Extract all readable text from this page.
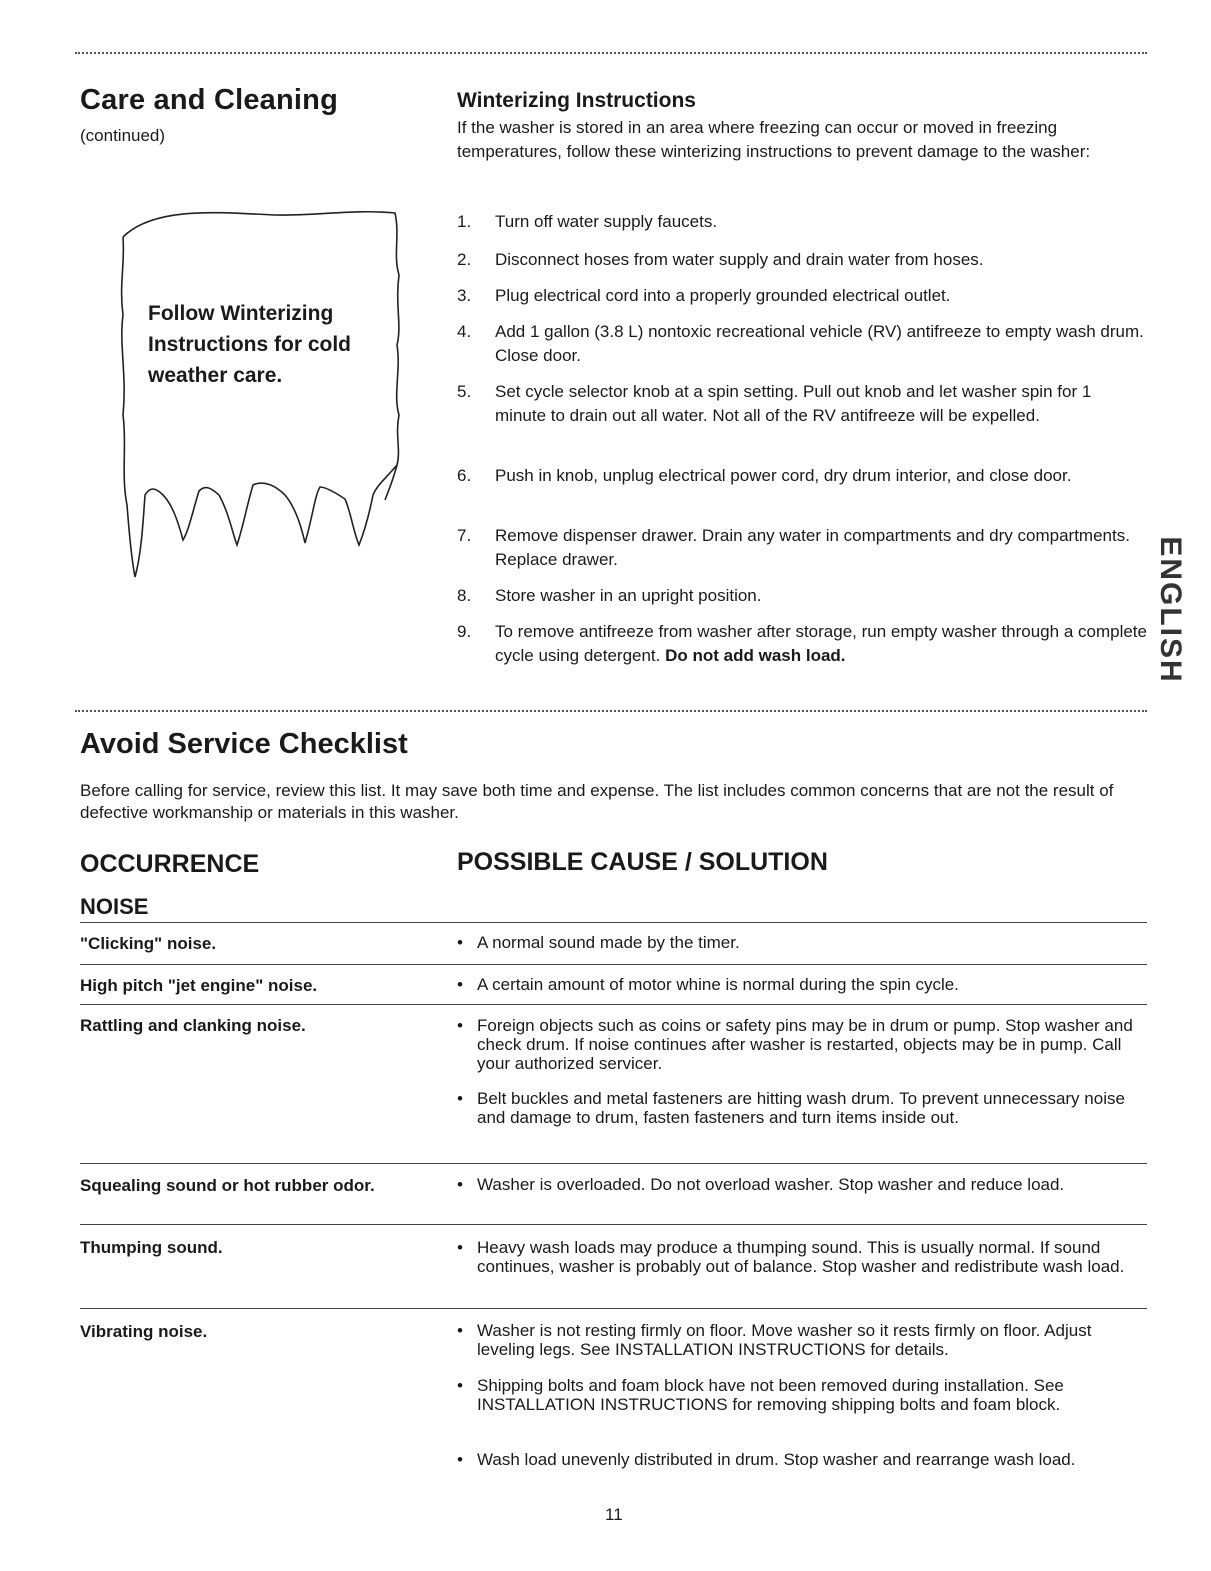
Care and Cleaning
(continued)
Follow Winterizing Instructions for cold weather care.
Winterizing Instructions
If the washer is stored in an area where freezing can occur or moved in freezing temperatures, follow these winterizing instructions to prevent damage to the washer:
1.	Turn off water supply faucets.
2.	Disconnect hoses from water supply and drain water from hoses.
3.	Plug electrical cord into a properly grounded electrical outlet.
4.	Add 1 gallon (3.8 L) nontoxic recreational vehicle (RV) antifreeze to empty wash drum. Close door.
5.	Set cycle selector knob at a spin setting. Pull out knob and let washer spin for 1 minute to drain out all water. Not all of the RV antifreeze will be expelled.
6.	Push in knob, unplug electrical power cord, dry drum interior, and close door.
7.	Remove dispenser drawer. Drain any water in compartments and dry compartments. Replace drawer.
8.	Store washer in an upright position.
9.	To remove antifreeze from washer after storage, run empty washer through a complete cycle using detergent. Do not add wash load.	ENGLISH
Avoid Service Checklist
Before calling for service, review this list. It may save both time and expense. The list includes common concerns that are not the result of defective workmanship or materials in this washer.
OCCURRENCE	POSSIBLE CAUSE / SOLUTION
NOISE
"Clicking" noise.	• A normal sound made by the timer.
High pitch "jet engine" noise.	• A certain amount of motor whine is normal during the spin cycle.
Rattling and clanking noise.	• Foreign objects such as coins or safety pins may be in drum or pump. Stop washer and check drum. If noise continues after washer is restarted, objects may be in pump. Call your authorized servicer.
• Belt buckles and metal fasteners are hitting wash drum. To prevent unnecessary noise and damage to drum, fasten fasteners and turn items inside out.
Squealing sound or hot rubber odor.	• Washer is overloaded. Do not overload washer. Stop washer and reduce load.
Thumping sound.	• Heavy wash loads may produce a thumping sound. This is usually normal. If sound continues, washer is probably out of balance. Stop washer and redistribute wash load.
Vibrating noise.	• Washer is not resting firmly on floor. Move washer so it rests firmly on floor. Adjust leveling legs. See INSTALLATION INSTRUCTIONS for details.
• Shipping bolts and foam block have not been removed during installation. See INSTALLATION INSTRUCTIONS for removing shipping bolts and foam block.
• Wash load unevenly distributed in drum. Stop washer and rearrange wash load.
11
